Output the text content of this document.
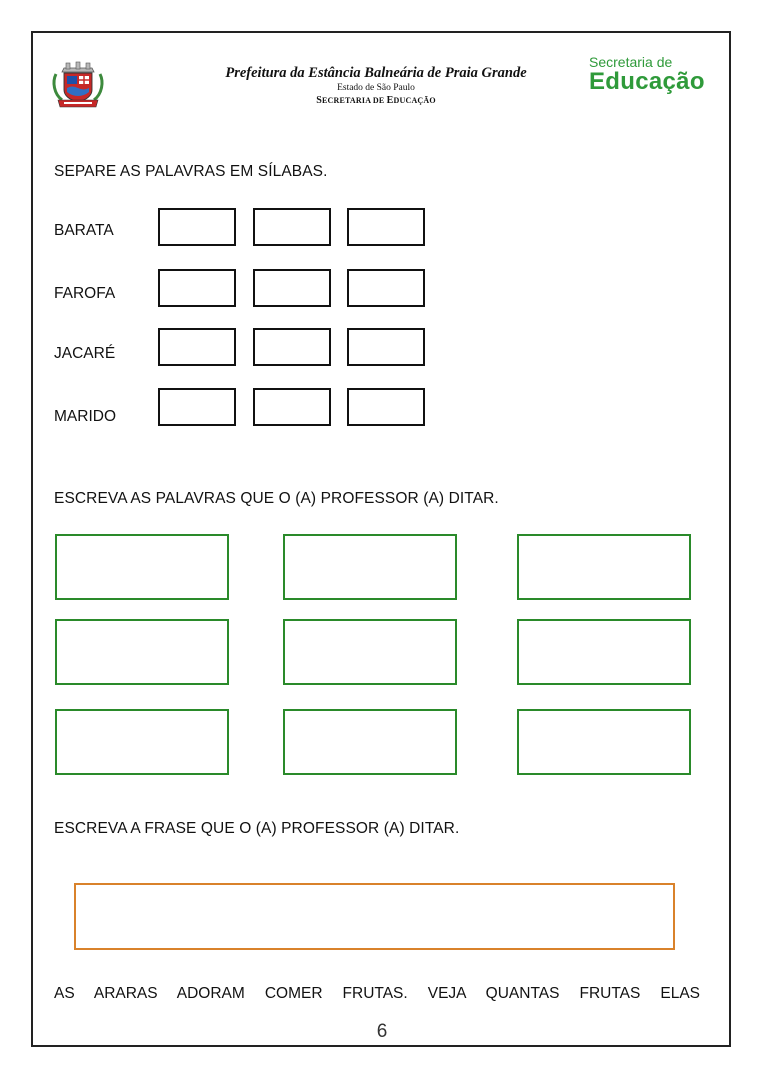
Prefeitura da Estância Balneária de Praia Grande
Estado de São Paulo
SECRETARIA DE EDUCAÇÃO
Secretaria de
Educação
SEPARE AS PALAVRAS EM SÍLABAS.
BARATA
FAROFA
JACARÉ
MARIDO
ESCREVA AS PALAVRAS QUE O (A) PROFESSOR (A) DITAR.
ESCREVA A FRASE QUE O (A) PROFESSOR (A) DITAR.
AS ARARAS ADORAM COMER FRUTAS. VEJA QUANTAS FRUTAS ELAS
6
